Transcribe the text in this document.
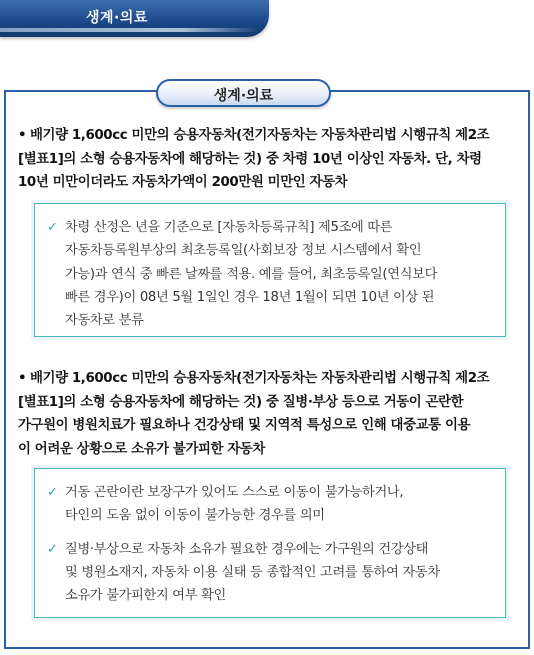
생계·의료
생계·의료
• 배기량 1,600cc 미만의 승용자동차(전기자동차는 자동차관리법 시행규칙 제2조
[별표1]의 소형 승용자동차에 해당하는 것) 중 차령 10년 이상인 자동차. 단, 차령
10년 미만이더라도 자동차가액이 200만원 미만인 자동차
✓ 차령 산정은 년을 기준으로 [자동차등록규칙] 제5조에 따른
자동차등록원부상의 최초등록일(사회보장 정보 시스템에서 확인
가능)과 연식 중 빠른 날짜를 적용. 예를 들어, 최초등록일(연식보다
빠른 경우)이 08년 5월 1일인 경우 18년 1월이 되면 10년 이상 된
자동차로 분류
• 배기량 1,600cc 미만의 승용자동차(전기자동차는 자동차관리법 시행규칙 제2조
[별표1]의 소형 승용자동차에 해당하는 것) 중 질병·부상 등으로 거동이 곤란한
가구원이 병원치료가 필요하나 건강상태 및 지역적 특성으로 인해 대중교통 이용
이 어려운 상황으로 소유가 불가피한 자동차
✓ 거동 곤란이란 보장구가 있어도 스스로 이동이 불가능하거나,
타인의 도움 없이 이동이 불가능한 경우를 의미
✓ 질병·부상으로 자동차 소유가 필요한 경우에는 가구원의 건강상태
및 병원소재지, 자동차 이용 실태 등 종합적인 고려를 통하여 자동차
소유가 불가피한지 여부 확인
